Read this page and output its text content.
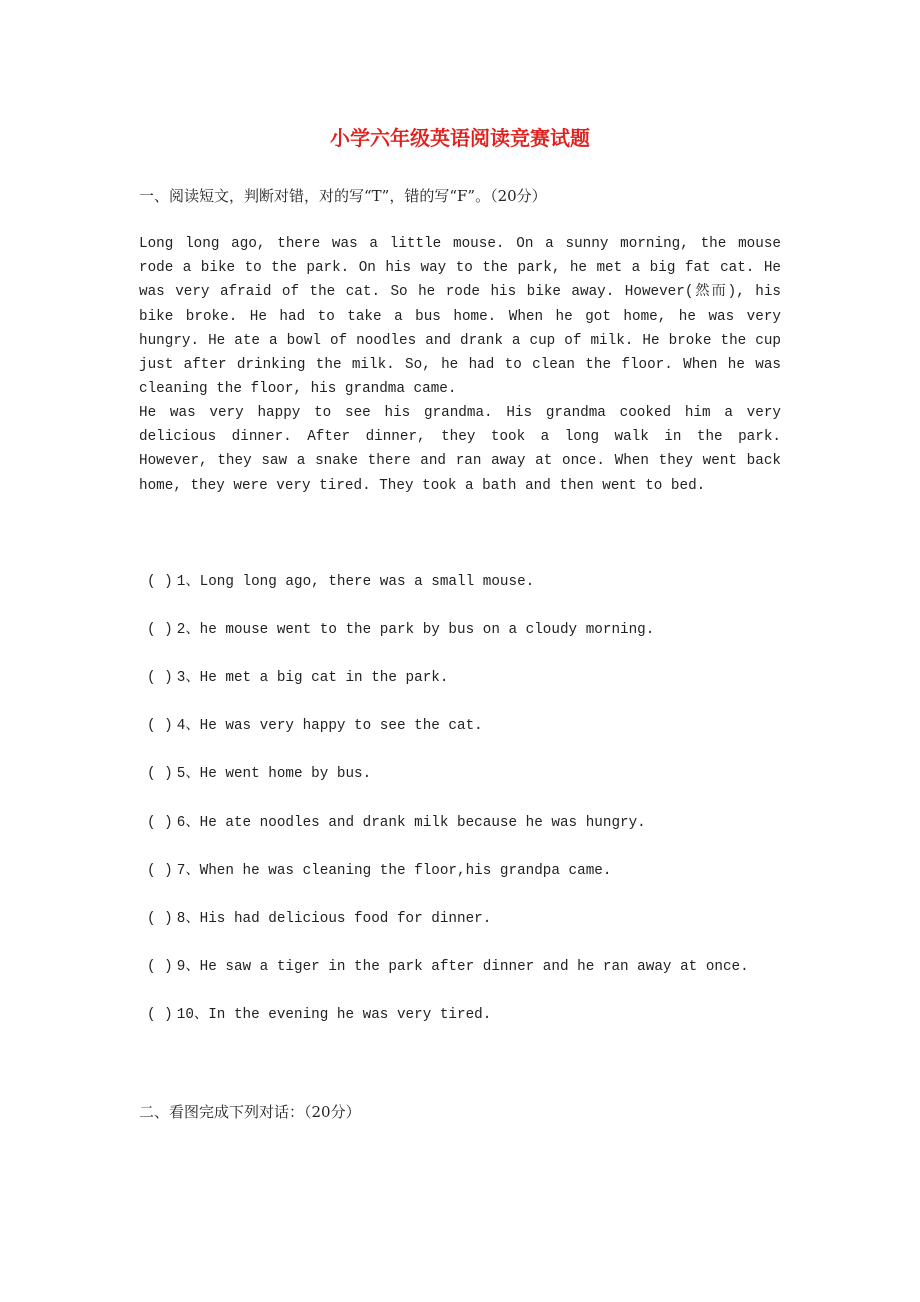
小学六年级英语阅读竞赛试题
一、阅读短文，判断对错，对的写“T”，错的写“F”。（20分）

Long long ago, there was a little mouse. On a sunny morning, the mouse rode a bike to the park. On his way to the park, he met a big fat cat. He was very afraid of the cat. So he rode his bike away. However(然而), his bike broke. He had to take a bus home. When he got home, he was very hungry. He ate a bowl of noodles and drank a cup of milk. He broke the cup just after drinking the milk. So, he had to clean the floor. When he was cleaning the floor, his grandma came.

He was very happy to see his grandma. His grandma cooked him a very delicious dinner. After dinner, they took a long walk in the park. However, they saw a snake there and ran away at once. When they went back home, they were very tired. They took a bath and then went to bed.

( ) 1、Long long ago, there was a small mouse.
( ) 2、he mouse went to the park by bus on a cloudy morning.
( ) 3、He met a big cat in the park.
( ) 4、He was very happy to see the cat.
( ) 5、He went home by bus.
( ) 6、He ate noodles and drank milk because he was hungry.
( ) 7、When he was cleaning the floor,his grandpa came.
( ) 8、His had delicious food for dinner.
( ) 9、He saw a tiger in the park after dinner and he ran away at once.
( ) 10、In the evening he was very tired.
二、看图完成下列对话：（20分）
